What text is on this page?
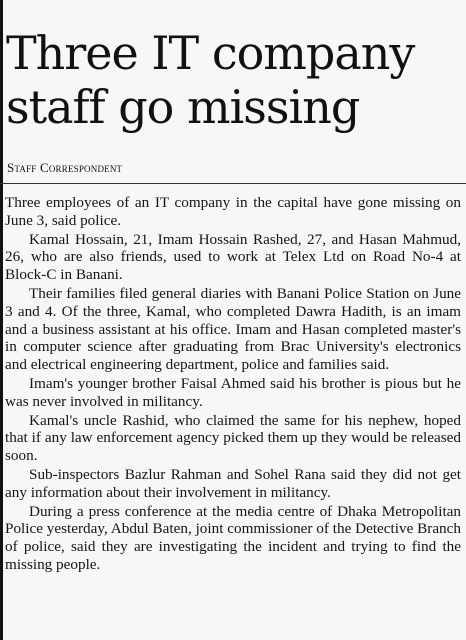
Three IT company
staff go missing
Staff Correspondent

Three employees of an IT company in the capital have gone missing on June 3, said police.

Kamal Hossain, 21, Imam Hossain Rashed, 27, and Hasan Mahmud, 26, who are also friends, used to work at Telex Ltd on Road No-4 at Block-C in Banani.

Their families filed general diaries with Banani Police Station on June 3 and 4. Of the three, Kamal, who completed Dawra Hadith, is an imam and a business assistant at his office. Imam and Hasan completed master's in computer science after graduating from Brac University's electronics and electrical engineering department, police and families said.

Imam's younger brother Faisal Ahmed said his brother is pious but he was never involved in militancy.

Kamal's uncle Rashid, who claimed the same for his nephew, hoped that if any law enforcement agency picked them up they would be released soon.

Sub-inspectors Bazlur Rahman and Sohel Rana said they did not get any information about their involvement in militancy.

During a press conference at the media centre of Dhaka Metropolitan Police yesterday, Abdul Baten, joint commissioner of the Detective Branch of police, said they are investigating the incident and trying to find the missing people.
